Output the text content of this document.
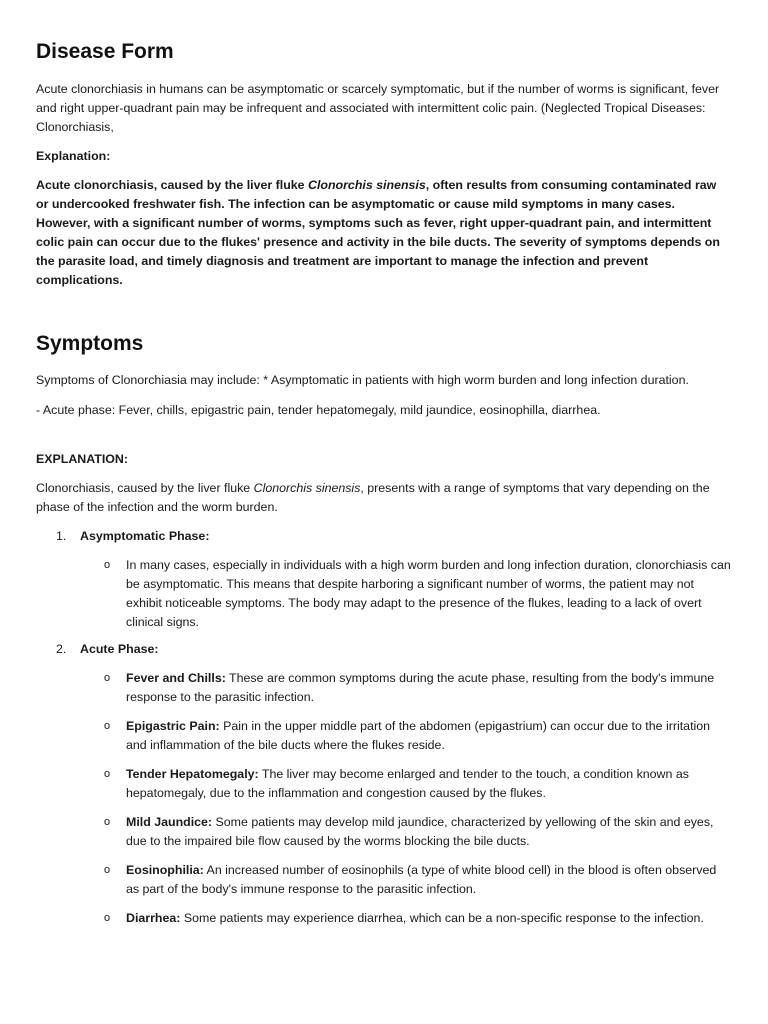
Disease Form

Acute clonorchiasis in humans can be asymptomatic or scarcely symptomatic, but if the number of worms is significant, fever and right upper-quadrant pain may be infrequent and associated with intermittent colic pain. (Neglected Tropical Diseases: Clonorchiasis,

Explanation:

Acute clonorchiasis, caused by the liver fluke Clonorchis sinensis, often results from consuming contaminated raw or undercooked freshwater fish. The infection can be asymptomatic or cause mild symptoms in many cases. However, with a significant number of worms, symptoms such as fever, right upper-quadrant pain, and intermittent colic pain can occur due to the flukes' presence and activity in the bile ducts. The severity of symptoms depends on the parasite load, and timely diagnosis and treatment are important to manage the infection and prevent complications.

Symptoms

Symptoms of Clonorchiasia may include: * Asymptomatic in patients with high worm burden and long infection duration.

- Acute phase: Fever, chills, epigastric pain, tender hepatomegaly, mild jaundice, eosinophilla, diarrhea.

EXPLANATION:

Clonorchiasis, caused by the liver fluke Clonorchis sinensis, presents with a range of symptoms that vary depending on the phase of the infection and the worm burden.

1. Asymptomatic Phase:
o In many cases, especially in individuals with a high worm burden and long infection duration, clonorchiasis can be asymptomatic. This means that despite harboring a significant number of worms, the patient may not exhibit noticeable symptoms. The body may adapt to the presence of the flukes, leading to a lack of overt clinical signs.
2. Acute Phase:
o Fever and Chills: These are common symptoms during the acute phase, resulting from the body's immune response to the parasitic infection.
o Epigastric Pain: Pain in the upper middle part of the abdomen (epigastrium) can occur due to the irritation and inflammation of the bile ducts where the flukes reside.
o Tender Hepatomegaly: The liver may become enlarged and tender to the touch, a condition known as hepatomegaly, due to the inflammation and congestion caused by the flukes.
o Mild Jaundice: Some patients may develop mild jaundice, characterized by yellowing of the skin and eyes, due to the impaired bile flow caused by the worms blocking the bile ducts.
o Eosinophilia: An increased number of eosinophils (a type of white blood cell) in the blood is often observed as part of the body's immune response to the parasitic infection.
o Diarrhea: Some patients may experience diarrhea, which can be a non-specific response to the infection.
